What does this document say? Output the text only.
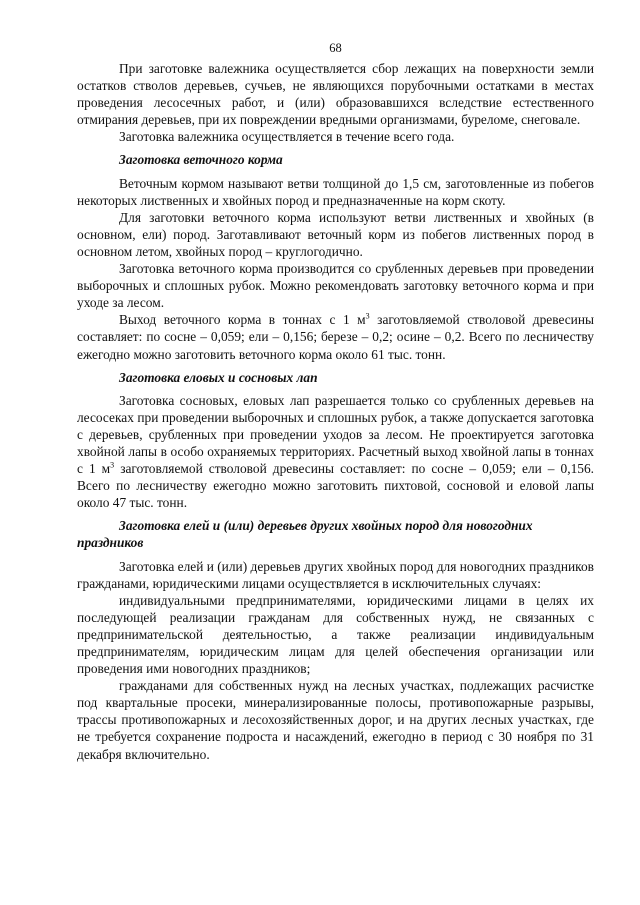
68

При заготовке валежника осуществляется сбор лежащих на поверхности земли остатков стволов деревьев, сучьев, не являющихся порубочными остатками в местах проведения лесосечных работ, и (или) образовавшихся вследствие естественного отмирания деревьев, при их повреждении вредными организмами, буреломе, снеговале.

Заготовка валежника осуществляется в течение всего года.

Заготовка веточного корма

Веточным кормом называют ветви толщиной до 1,5 см, заготовленные из побегов некоторых лиственных и хвойных пород и предназначенные на корм скоту.

Для заготовки веточного корма используют ветви лиственных и хвойных (в основном, ели) пород. Заготавливают веточный корм из побегов лиственных пород в основном летом, хвойных пород – круглогодично.

Заготовка веточного корма производится со срубленных деревьев при проведении выборочных и сплошных рубок. Можно рекомендовать заготовку веточного корма и при уходе за лесом.

Выход веточного корма в тоннах с 1 $м^3$ заготовляемой стволовой древесины составляет: по сосне – 0,059; ели – 0,156; березе – 0,2; осине – 0,2. Всего по лесничеству ежегодно можно заготовить веточного корма около 61 тыс. тонн.

Заготовка еловых и сосновых лап

Заготовка сосновых, еловых лап разрешается только со срубленных деревьев на лесосеках при проведении выборочных и сплошных рубок, а также допускается заготовка с деревьев, срубленных при проведении уходов за лесом. Не проектируется заготовка хвойной лапы в особо охраняемых территориях. Расчетный выход хвойной лапы в тоннах с 1 $м^3$ заготовляемой стволовой древесины составляет: по сосне – 0,059; ели – 0,156. Всего по лесничеству ежегодно можно заготовить пихтовой, сосновой и еловой лапы около 47 тыс. тонн.

Заготовка елей и (или) деревьев других хвойных пород для новогодних праздников

Заготовка елей и (или) деревьев других хвойных пород для новогодних праздников гражданами, юридическими лицами осуществляется в исключительных случаях:

индивидуальными предпринимателями, юридическими лицами в целях их последующей реализации гражданам для собственных нужд, не связанных с предпринимательской деятельностью, а также реализации индивидуальным предпринимателям, юридическим лицам для целей обеспечения организации или проведения ими новогодних праздников;

гражданами для собственных нужд на лесных участках, подлежащих расчистке под квартальные просеки, минерализированные полосы, противопожарные разрывы, трассы противопожарных и лесохозяйственных дорог, и на других лесных участках, где не требуется сохранение подроста и насаждений, ежегодно в период с 30 ноября по 31 декабря включительно.
